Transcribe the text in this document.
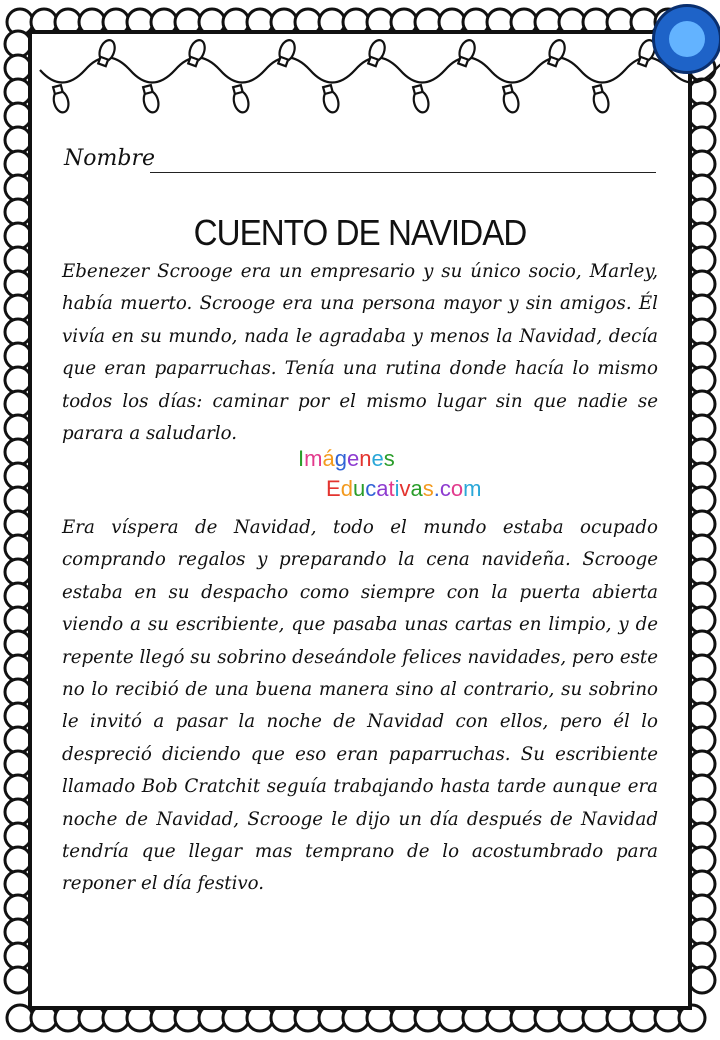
Nombre
CUENTO DE NAVIDAD

Ebenezer Scrooge era un empresario y su único socio, Marley, había muerto. Scrooge era una persona mayor y sin amigos. Él vivía en su mundo, nada le agradaba y menos la Navidad, decía que eran paparruchas. Tenía una rutina donde hacía lo mismo todos los días: caminar por el mismo lugar sin que nadie se parara a saludarlo.

Era víspera de Navidad, todo el mundo estaba ocupado comprando regalos y preparando la cena navideña. Scrooge estaba en su despacho como siempre con la puerta abierta viendo a su escribiente, que pasaba unas cartas en limpio, y de repente llegó su sobrino deseándole felices navidades, pero este no lo recibió de una buena manera sino al contrario, su sobrino le invitó a pasar la noche de Navidad con ellos, pero él lo despreció diciendo que eso eran paparruchas. Su escribiente llamado Bob Cratchit seguía trabajando hasta tarde aunque era noche de Navidad, Scrooge le dijo un día después de Navidad tendría que llegar mas temprano de lo acostumbrado para reponer el día festivo.

Imágenes
Educativas.com
